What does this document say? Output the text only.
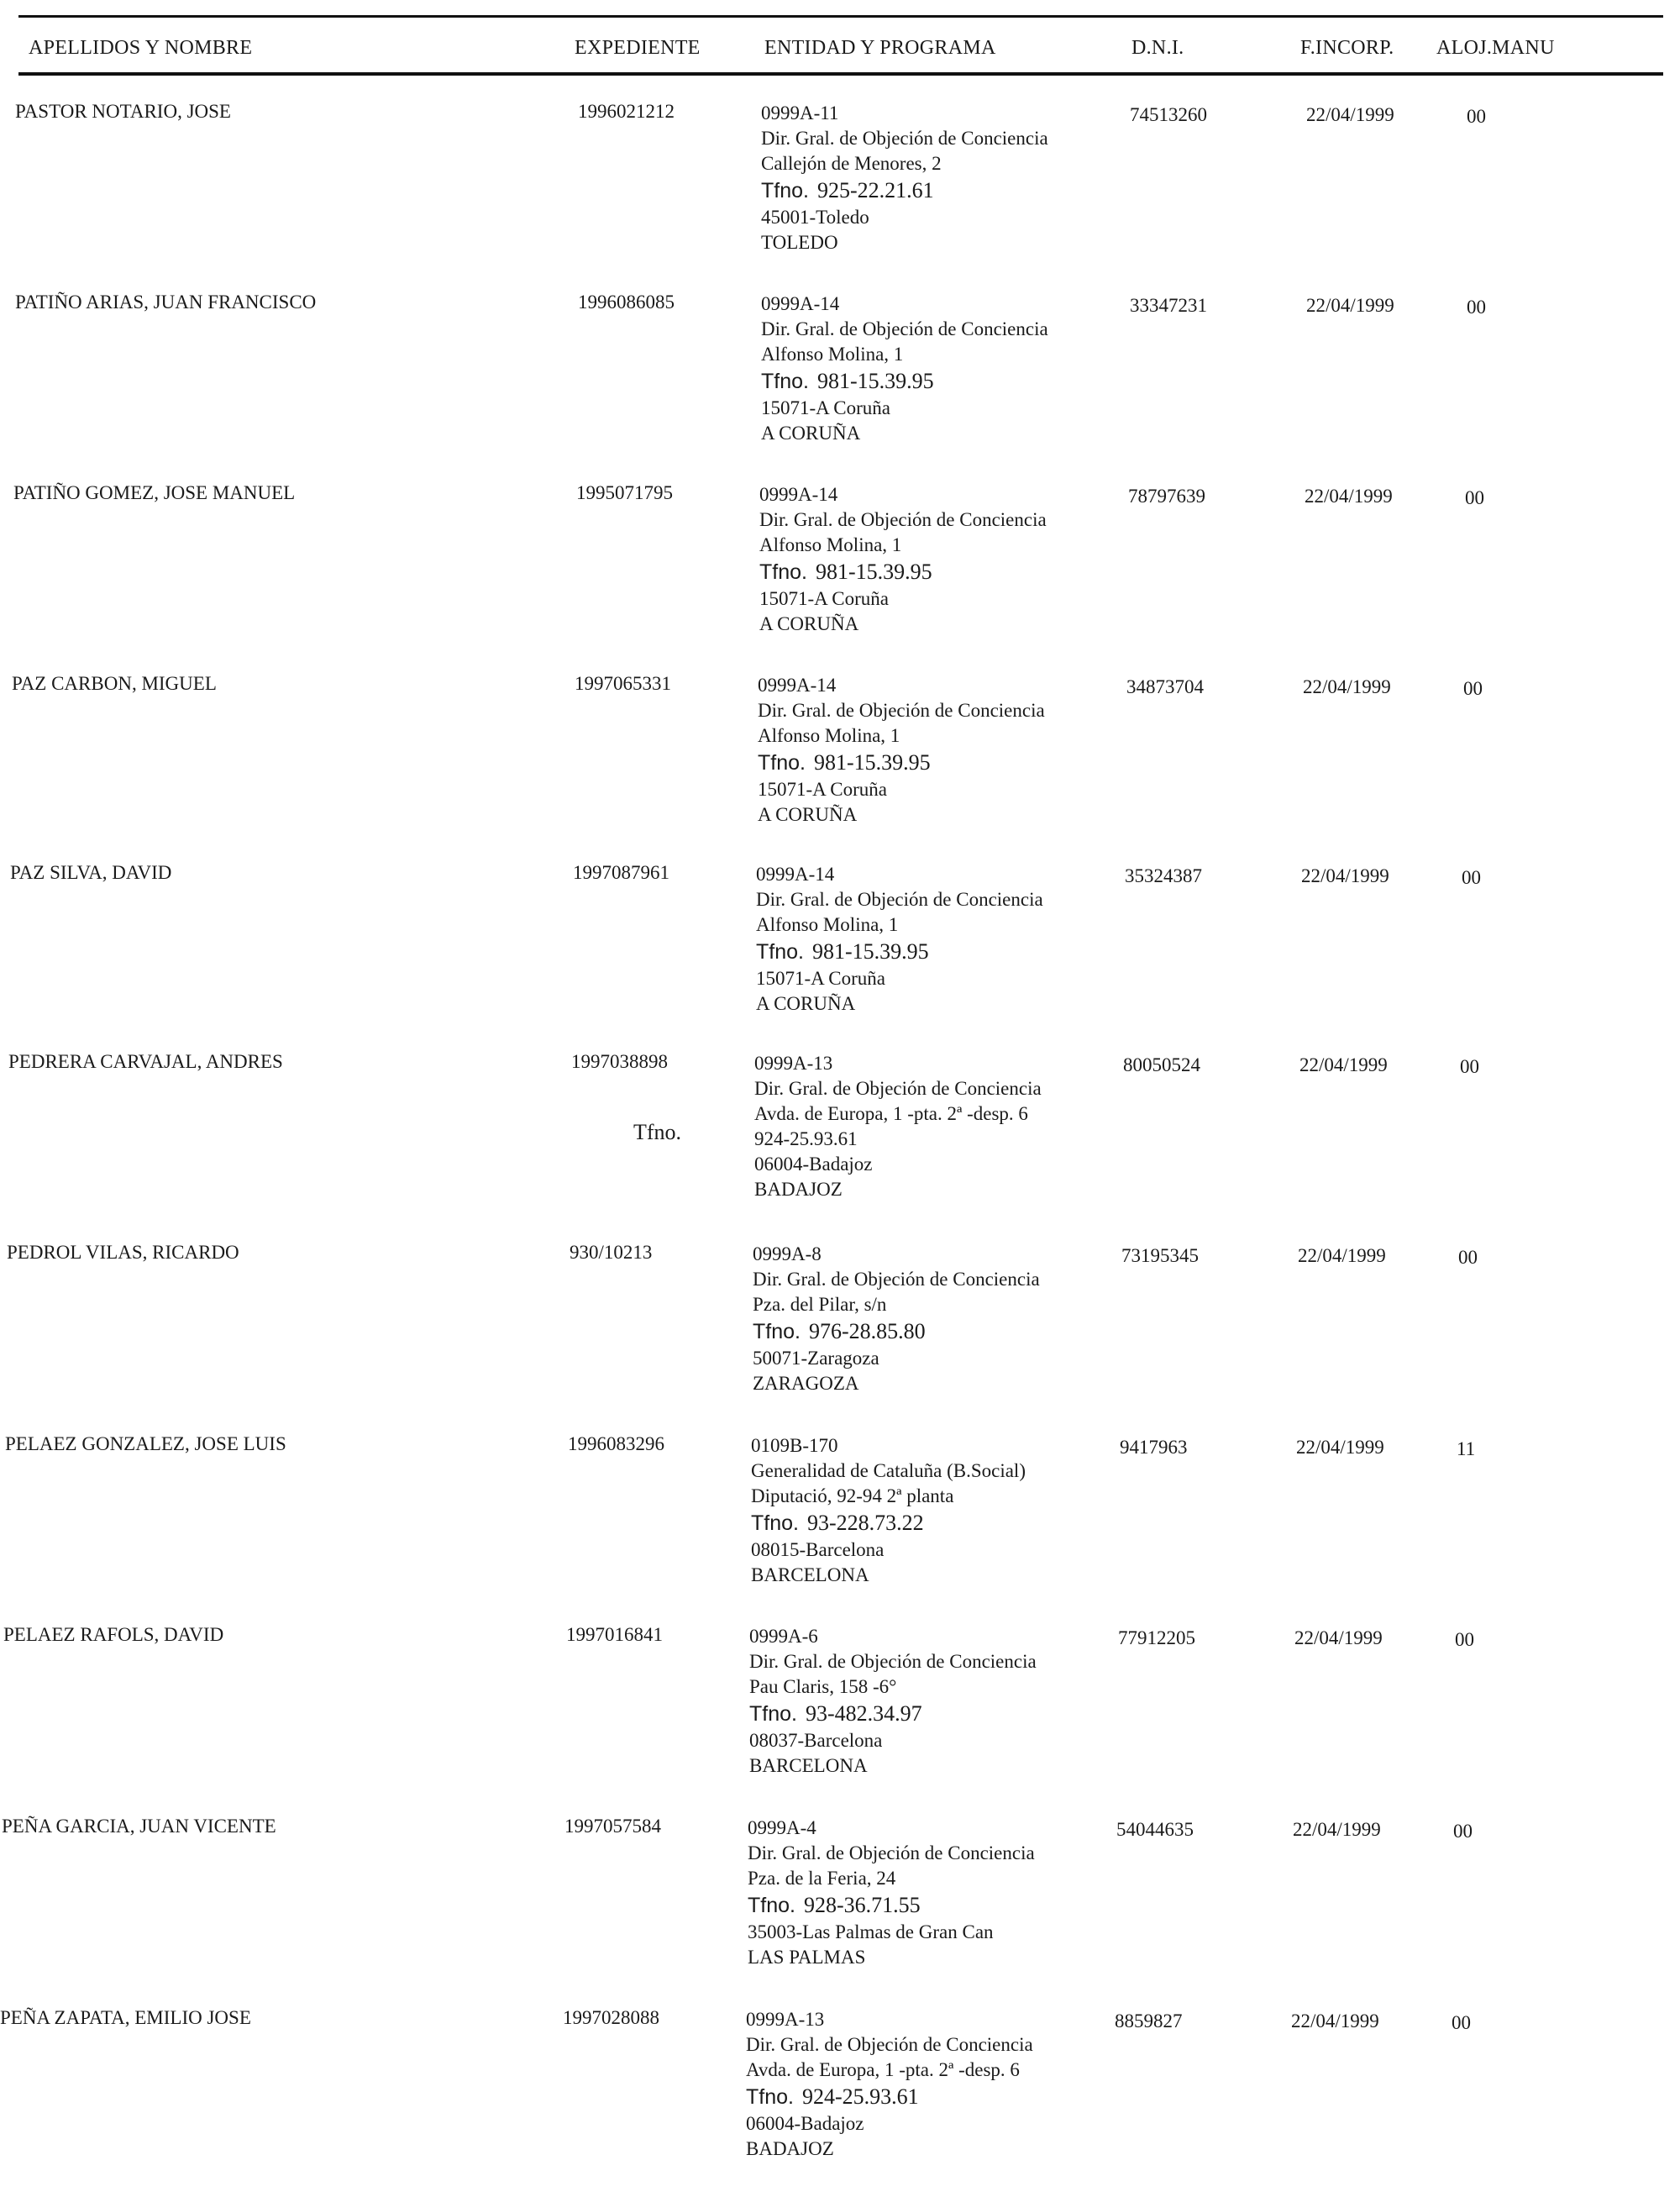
APELLIDOS Y NOMBRE	EXPEDIENTE	ENTIDAD Y PROGRAMA	D.N.I.	F.INCORP. ALOJ.MANU
PASTOR NOTARIO, JOSE	1996021212	0999A-11
Dir. Gral. de Objeción de Conciencia
Callejón de Menores, 2
Tfno. 925-22.21.61
45001-Toledo
TOLEDO
74513260	22/04/1999	00
PATIÑO ARIAS, JUAN FRANCISCO	1996086085	0999A-14
Dir. Gral. de Objeción de Conciencia
Alfonso Molina, 1
Tfno. 981-15.39.95
15071-A Coruña
A CORUÑA
33347231	22/04/1999	00
PATIÑO GOMEZ, JOSE MANUEL	1995071795	0999A-14
Dir. Gral. de Objeción de Conciencia
Alfonso Molina, 1
Tfno. 981-15.39.95
15071-A Coruña
A CORUÑA
78797639	22/04/1999	00
PAZ CARBON, MIGUEL	1997065331	0999A-14
Dir. Gral. de Objeción de Conciencia
Alfonso Molina, 1
Tfno. 981-15.39.95
15071-A Coruña
A CORUÑA
34873704	22/04/1999	00
PAZ SILVA, DAVID	1997087961	0999A-14
Dir. Gral. de Objeción de Conciencia
Alfonso Molina, 1
Tfno. 981-15.39.95
15071-A Coruña
A CORUÑA
35324387	22/04/1999	00
PEDRERA CARVAJAL, ANDRES	1997038898
Tfno.
0999A-13
Dir. Gral. de Objeción de Conciencia
Avda. de Europa, 1 -pta. 2ª -desp. 6
924-25.93.61
06004-Badajoz
BADAJOZ
80050524	22/04/1999	00
PEDROL VILAS, RICARDO	930/10213	0999A-8
Dir. Gral. de Objeción de Conciencia
Pza. del Pilar, s/n
Tfno. 976-28.85.80
50071-Zaragoza
ZARAGOZA
73195345	22/04/1999	00
PELAEZ GONZALEZ, JOSE LUIS	1996083296	0109B-170
Generalidad de Cataluña (B.Social)
Diputació, 92-94 2ª planta
Tfno. 93-228.73.22
08015-Barcelona
BARCELONA
9417963	22/04/1999	11
PELAEZ RAFOLS, DAVID	1997016841	0999A-6
Dir. Gral. de Objeción de Conciencia
Pau Claris, 158 -6°
Tfno. 93-482.34.97
08037-Barcelona
BARCELONA
77912205	22/04/1999	00
PEÑA GARCIA, JUAN VICENTE	1997057584	0999A-4
Dir. Gral. de Objeción de Conciencia
Pza. de la Feria, 24
Tfno. 928-36.71.55
35003-Las Palmas de Gran Can
LAS PALMAS
54044635	22/04/1999	00
PEÑA ZAPATA, EMILIO JOSE	1997028088	0999A-13
Dir. Gral. de Objeción de Conciencia
Avda. de Europa, 1 -pta. 2ª -desp. 6
Tfno. 924-25.93.61
06004-Badajoz
BADAJOZ
8859827	22/04/1999	00
